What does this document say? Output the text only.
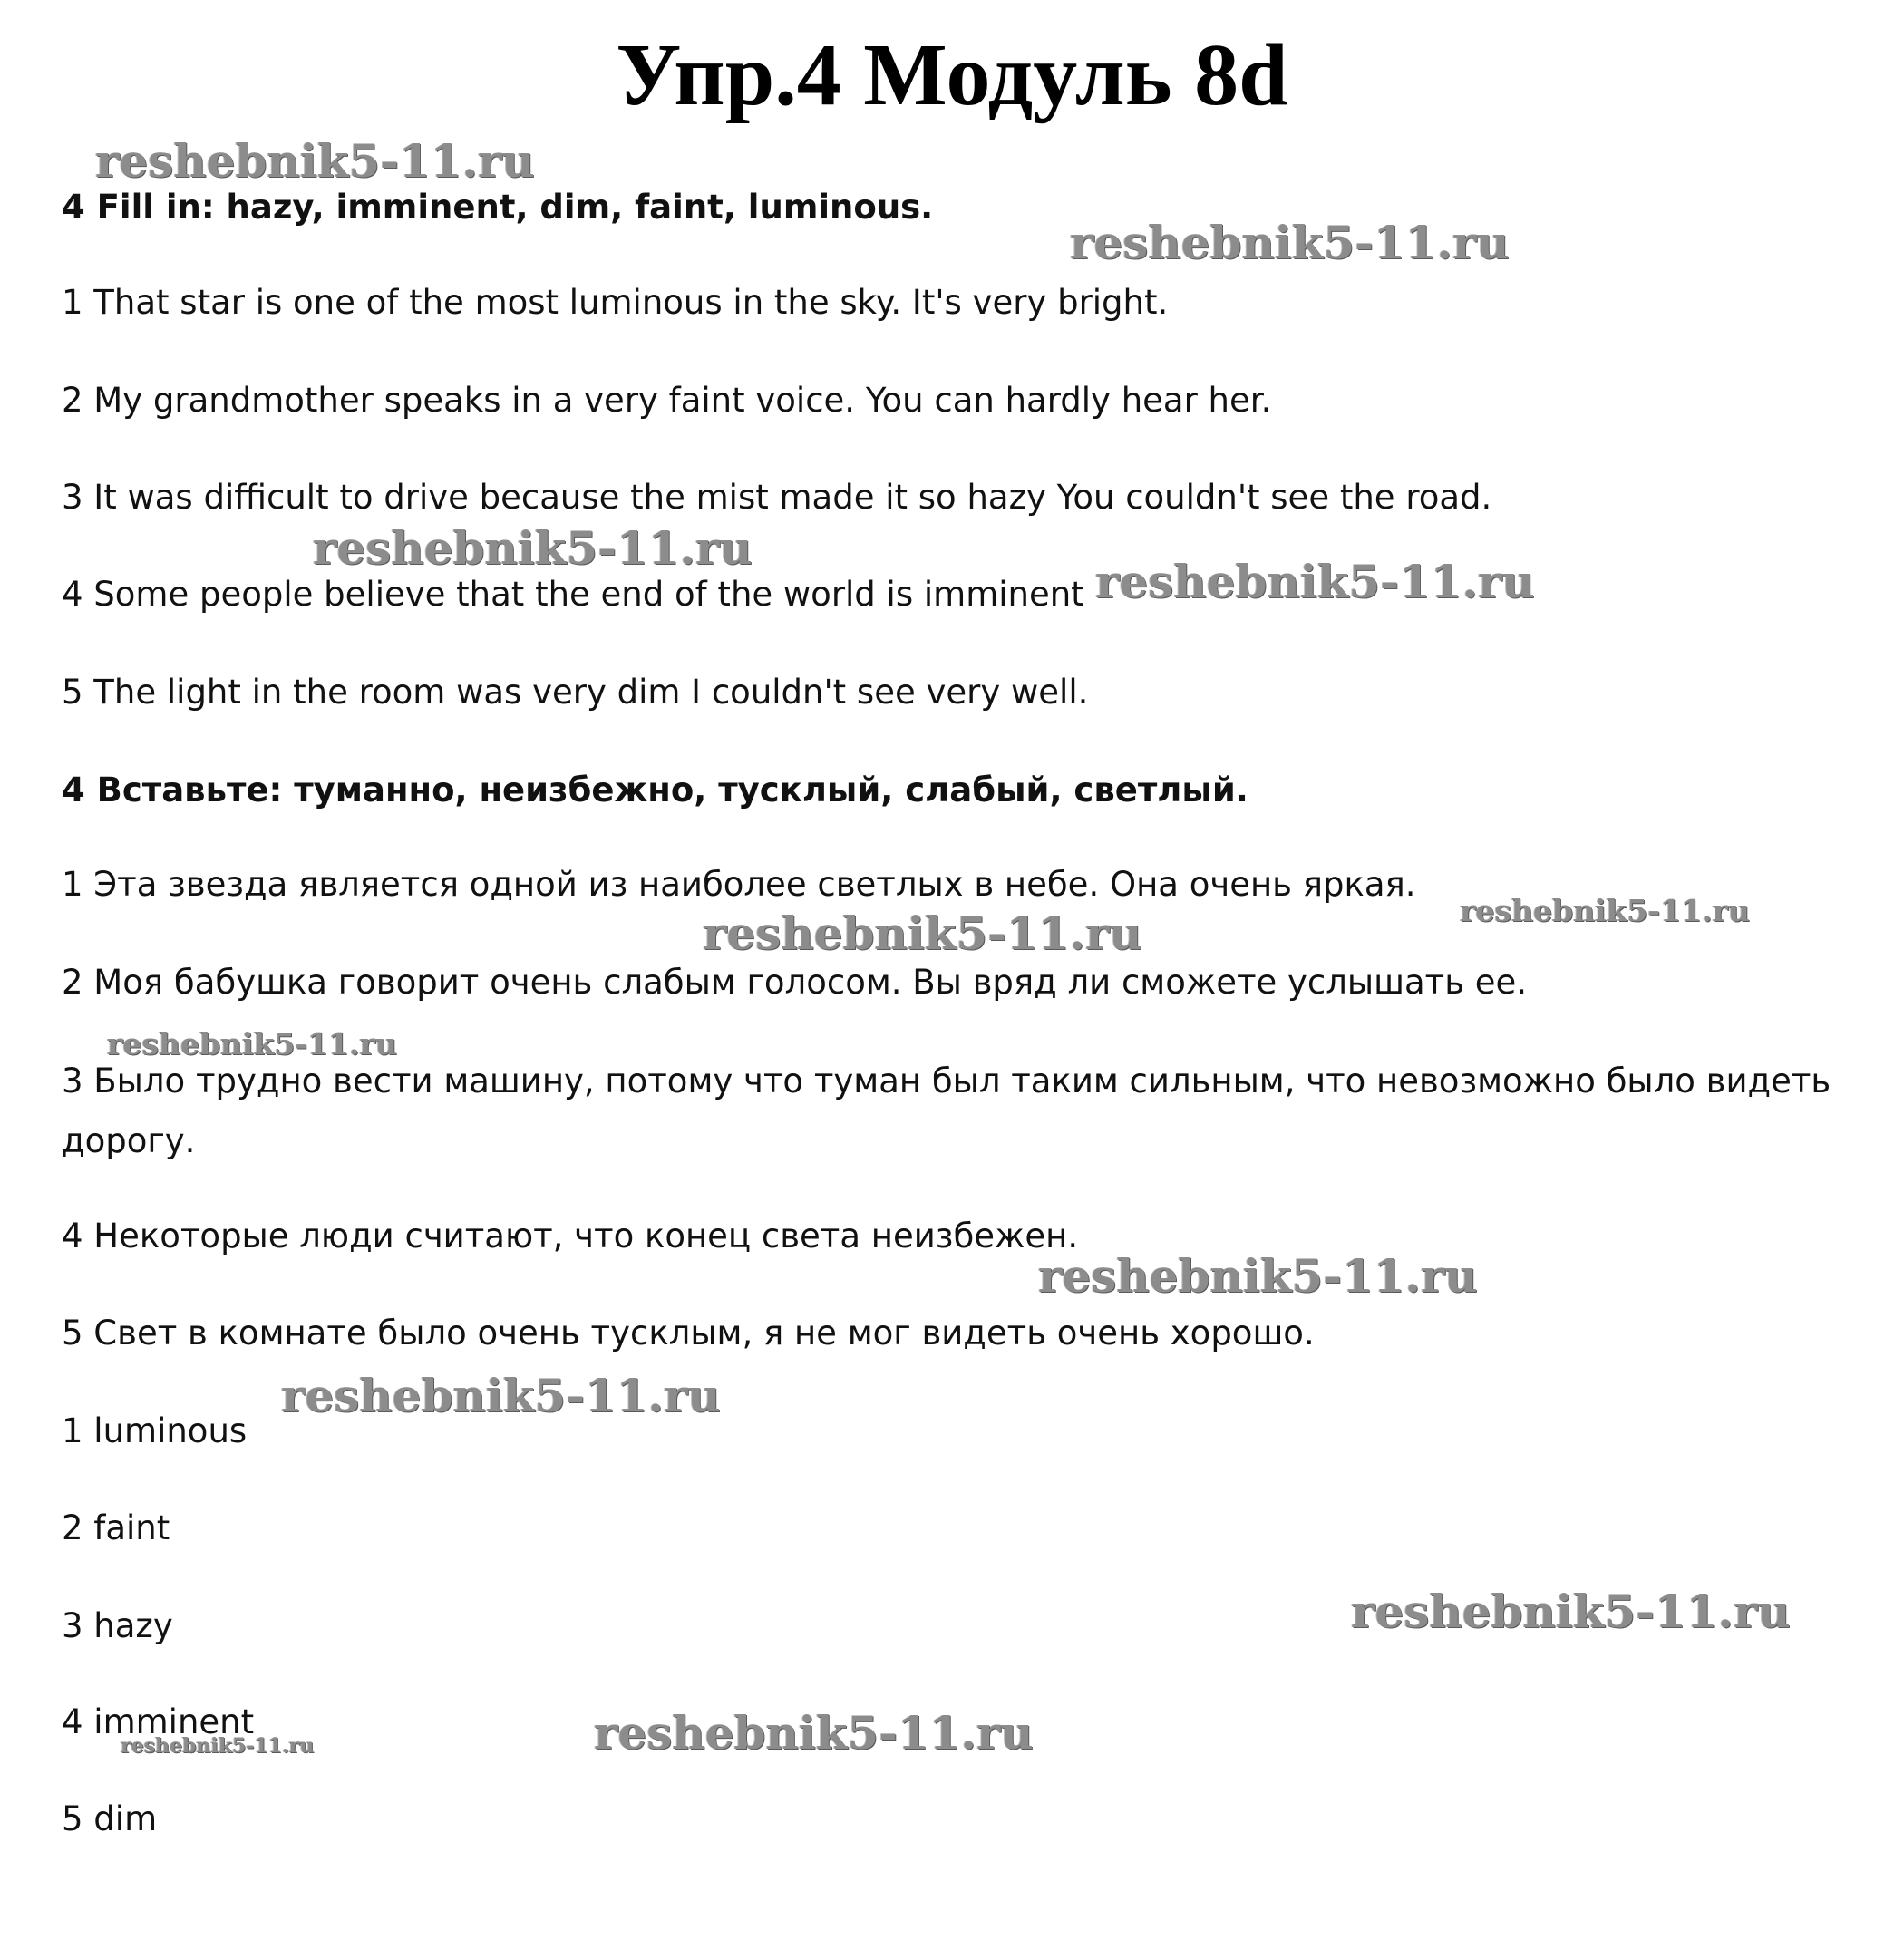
Упр.4 Модуль 8d
4 Fill in: hazy, imminent, dim, faint, luminous.
1 That star is one of the most luminous in the sky. It's very bright.
2 My grandmother speaks in a very faint voice. You can hardly hear her.
3 It was difficult to drive because the mist made it so hazy You couldn't see the road.
4 Some people believe that the end of the world is imminent
5 The light in the room was very dim I couldn't see very well.
4 Вставьте: туманно, неизбежно, тусклый, слабый, светлый.
1 Эта звезда является одной из наиболее светлых в небе. Она очень яркая.
2 Моя бабушка говорит очень слабым голосом. Вы вряд ли сможете услышать ее.
3 Было трудно вести машину, потому что туман был таким сильным, что невозможно было видеть дорогу.
4 Некоторые люди считают, что конец света неизбежен.
5 Свет в комнате было очень тусклым, я не мог видеть очень хорошо.
1 luminous
2 faint
3 hazy
4 imminent
5 dim
reshebnik5-11.ru
reshebnik5-11.ru
reshebnik5-11.ru
reshebnik5-11.ru
reshebnik5-11.ru	reshebnik5-11.ru
reshebnik5-11.ru
reshebnik5-11.ru
reshebnik5-11.ru
reshebnik5-11.ru
reshebnik5-11.ru
reshebnik5-11.ru
